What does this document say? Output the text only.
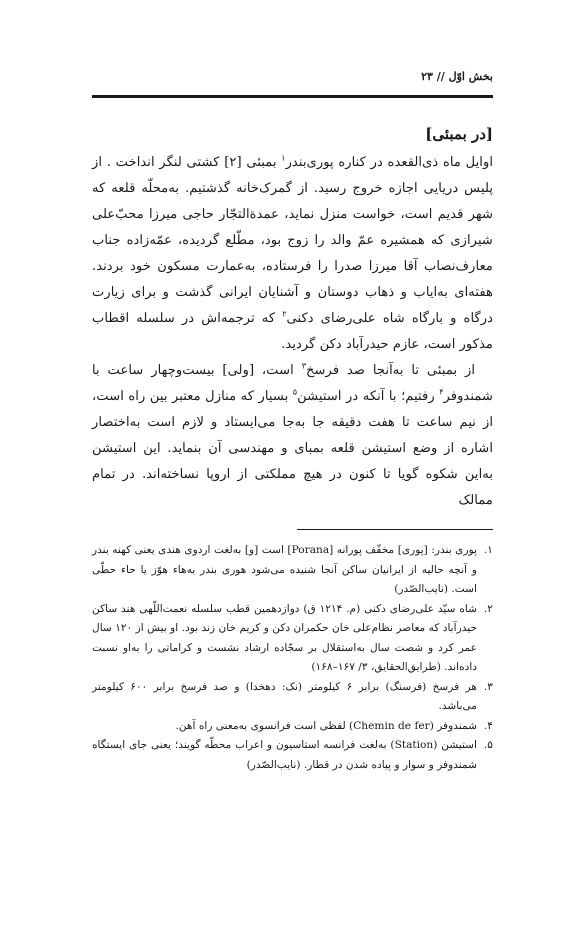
بخش اوّل // ۲۳
[در بمبئی]

اوایل ماه ذی‌القعده در کناره پوری‌بندر$^۱$ بمبئی [۲] کشتی لنگر انداخت . از پلیس دریایی اجازه خروج رسید. از گمرک‌خانه گذشتیم. بەمحلّه قلعه که شهر قدیم است، خواست منزل نماید، عمدةالتجّار حاجی میرزا محبّ‌علی شیرازی که همشیره عمّ والد را زوج بود، مطّلع گردیده، عمّه‌زاده جناب معارف‌نصاب آقا میرزا صدرا را فرستاده، به‌عمارت مسکون خود بردند. هفته‌ای به‌ایاب و ذهاب دوستان و آشنایان ایرانی گذشت و برای زیارت درگاه و بارگاه شاه علی‌رضای دکنی$^۲$ که ترجمه‌اش در سلسله اقطاب مذکور است، عازم حیدرآباد دکن گردید.

از بمبئی تا به‌آنجا صد فرسخ$^۳$ است، [ولی] بیست‌وچهار ساعت با شمندوفر$^۴$ رفتیم؛ با آنکه در استیشن$^۵$ بسیار که منازل معتبر بین راه است، از نیم ساعت تا هفت دقیقه جا به‌جا می‌ایستاد و لازم است به‌اختصار اشاره از وضع استیشن قلعه بمبای و مهندسی آن بنماید. این استیشن به‌این شکوه گویا تا کنون در هیچ مملکتی از اروپا نساخته‌اند. در تمام ممالک

۱.
پوری بندر: [پوری] مخفّف پورانه [Porana] است [و] به‌لغت اردوی هندی یعنی کهنه بندر و آنچه حالیه از ایرانیان ساکن آنجا شنیده می‌شود هوری بندر به‌هاء هوّز یا حاء حطّی است. (نایب‌الصّدر)
۲.
شاه سیّد علی‌رضای دکنی (م. ۱۲۱۴ ق) دوازدهمین قطب سلسله نعمت‌اللّهی هند ساکن حیدرآباد که معاصر نظام‌علی خان حکمران دکن و کریم خان زند بود. او بیش از ۱۲۰ سال عمر کرد و شصت سال به‌استقلال بر سجّاده ارشاد نشست و کراماتی را به‌او نسبت داده‌اند. (طرایق‌الحقایق، ۳/ ۱۶۷–۱۶۸)
۳.
هر فرسخ (فرسنگ) برابر ۶ کیلومتر (نک: دهخدا) و صد فرسخ برابر ۶۰۰ کیلومتر می‌باشد.
۴.
شمندوفر (Chemin de fer) لفظی است فرانسوی به‌معنی راه آهن.
۵.
استیشن (Station) به‌لغت فرانسه استاسیون و اعراب محطّه گویند؛ یعنی جای ایستگاه شمندوفر و سوار و پیاده شدن در قطار. (نایب‌الصّدر)
